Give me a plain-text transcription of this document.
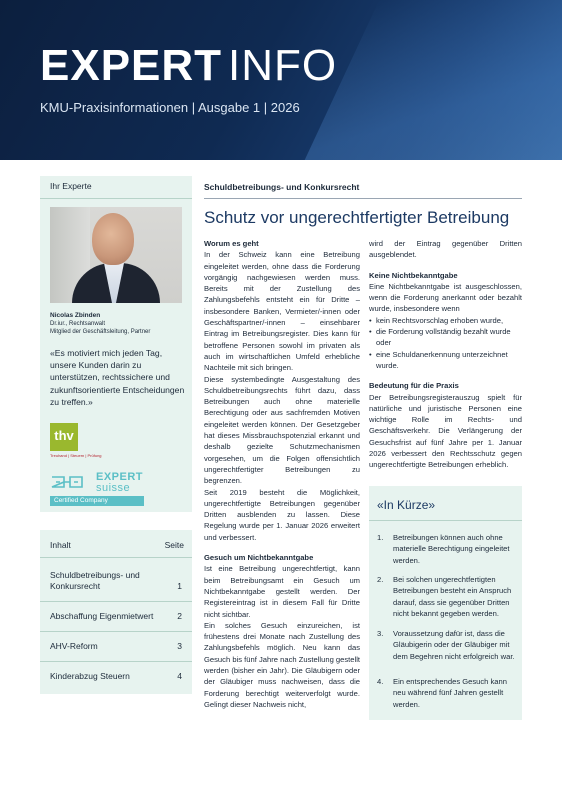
EXPERT INFO
KMU-Praxisinformationen | Ausgabe 1 | 2026
Ihr Experte
Nicolas Zbinden
Dr.iur., Rechtsanwalt
Mitglied der Geschäftsleitung, Partner
«Es motiviert mich jeden Tag, unsere Kunden darin zu unterstützen, rechtssichere und zukunftsorientierte Entscheidungen zu treffen.»
thv
Treuhand | Steuern | Prüfung
EXPERT
suisse
Certified Company
Inhalt	Seite
Schuldbetreibungs- und Konkursrecht	1
Abschaffung Eigenmietwert	2
AHV-Reform	3
Kinderabzug Steuern	4
Schuldbetreibungs- und Konkursrecht
Schutz vor ungerechtfertigter Betreibung
Worum es geht

In der Schweiz kann eine Betreibung eingeleitet werden, ohne dass die Forderung vorgängig nachgewiesen werden muss. Bereits mit der Zustellung des Zahlungsbefehls entsteht ein für Dritte – insbesondere Banken, Vermieter/-innen oder Geschäftspartner/-innen – einsehbarer Eintrag im Betreibungsregister. Dies kann für betroffene Personen sowohl im privaten als auch im wirtschaftlichen Umfeld erhebliche Nachteile mit sich bringen.

Diese systembedingte Ausgestaltung des Schuldbetreibungsrechts führt dazu, dass Betreibungen auch ohne materielle Berechtigung oder aus sachfremden Motiven eingeleitet werden können. Der Gesetzgeber hat dieses Missbrauchspotenzial erkannt und deshalb gezielte Schutzmechanismen vorgesehen, um die Folgen offensichtlich ungerechtfertigter Betreibungen zu begrenzen.

Seit 2019 besteht die Möglichkeit, ungerechtfertigte Betreibungen gegenüber Dritten ausblenden zu lassen. Diese Regelung wurde per 1. Januar 2026 erweitert und verbessert.

Gesuch um Nichtbekanntgabe

Ist eine Betreibung ungerechtfertigt, kann beim Betreibungsamt ein Gesuch um Nichtbekanntgabe gestellt werden. Der Registereintrag ist in diesem Fall für Dritte nicht sichtbar.

Ein solches Gesuch einzureichen, ist frühestens drei Monate nach Zustellung des Zahlungsbefehls möglich. Neu kann das Gesuch bis fünf Jahre nach Zustellung gestellt werden (bisher ein Jahr). Die Gläubigern oder der Gläubiger muss nachweisen, dass die Forderung berechtigt weiterverfolgt wurde. Gelingt dieser Nachweis nicht,

wird der Eintrag gegenüber Dritten ausgeblendet.

Keine Nichtbekanntgabe

Eine Nichtbekanntgabe ist ausgeschlossen, wenn die Forderung anerkannt oder bezahlt wurde, insbesondere wenn

• kein Rechtsvorschlag erhoben wurde,
• die Forderung vollständig bezahlt wurde oder
• eine Schuldanerkennung unterzeichnet wurde.
Bedeutung für die Praxis

Der Betreibungsregisterauszug spielt für natürliche und juristische Personen eine wichtige Rolle im Rechts- und Geschäftsverkehr. Die Verlängerung der Gesuchsfrist auf fünf Jahre per 1. Januar 2026 verbessert den Rechtsschutz gegen ungerechtfertigte Betreibungen erheblich.

«In Kürze»
1. Betreibungen können auch ohne materielle Berechtigung eingeleitet werden.
2. Bei solchen ungerechtfertigten Betreibungen besteht ein Anspruch darauf, dass sie gegenüber Dritten nicht bekannt gegeben werden.
3. Voraussetzung dafür ist, dass die Gläubigerin oder der Gläubiger mit dem Begehren nicht erfolgreich war.
4. Ein entsprechendes Gesuch kann neu während fünf Jahren gestellt werden.
